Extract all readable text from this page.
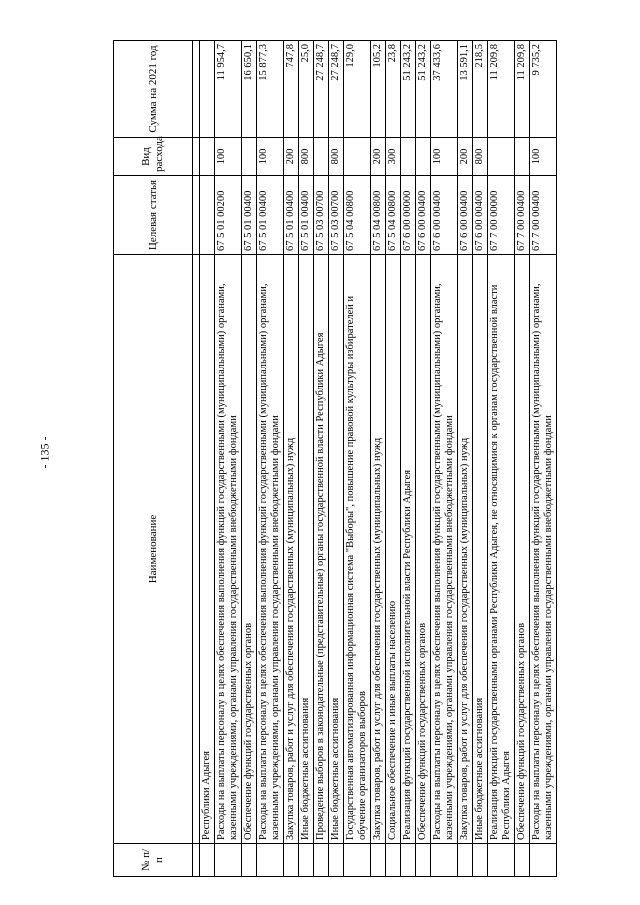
- 135 -
№ п/п	Наименование	Целевая статья	Вид расхода	Сумма на 2021 год

	Республики Адыгея			
	Расходы на выплаты персоналу в целях обеспечения выполнения функций государственными (муниципальными) органами, казенными учреждениями, органами управления государственными внебюджетными фондами	67 5 01 00200	100	11 954,7
	Обеспечение функций государственных органов	67 5 01 00400		16 650,1
	Расходы на выплаты персоналу в целях обеспечения выполнения функций государственными (муниципальными) органами, казенными учреждениями, органами управления государственными внебюджетными фондами	67 5 01 00400	100	15 877,3
	Закупка товаров, работ и услуг для обеспечения государственных (муниципальных) нужд	67 5 01 00400	200	747,8
	Иные бюджетные ассигнования	67 5 01 00400	800	25,0
	Проведение выборов в законодательные (представительные) органы государственной власти Республики Адыгея	67 5 03 00700		27 248,7
	Иные бюджетные ассигнования	67 5 03 00700	800	27 248,7
	Государственная автоматизированная информационная система "Выборы", повышение правовой культуры избирателей и обучение организаторов выборов	67 5 04 00800		129,0
	Закупка товаров, работ и услуг для обеспечения государственных (муниципальных) нужд	67 5 04 00800	200	105,2
	Социальное обеспечение и иные выплаты населению	67 5 04 00800	300	23,8
	Реализация функций государственной исполнительной власти Республики Адыгея	67 6 00 00000		51 243,2
	Обеспечение функций государственных органов	67 6 00 00400		51 243,2
	Расходы на выплаты персоналу в целях обеспечения выполнения функций государственными (муниципальными) органами, казенными учреждениями, органами управления государственными внебюджетными фондами	67 6 00 00400	100	37 433,6
	Закупка товаров, работ и услуг для обеспечения государственных (муниципальных) нужд	67 6 00 00400	200	13 591,1
	Иные бюджетные ассигнования	67 6 00 00400	800	218,5
	Реализация функций государственными органами Республики Адыгея, не относящимися к органам государственной власти Республики Адыгея	67 7 00 00000		11 209,8
	Обеспечение функций государственных органов	67 7 00 00400		11 209,8
	Расходы на выплаты персоналу в целях обеспечения выполнения функций государственными (муниципальными) органами, казенными учреждениями, органами управления государственными внебюджетными фондами	67 7 00 00400	100	9 735,2
